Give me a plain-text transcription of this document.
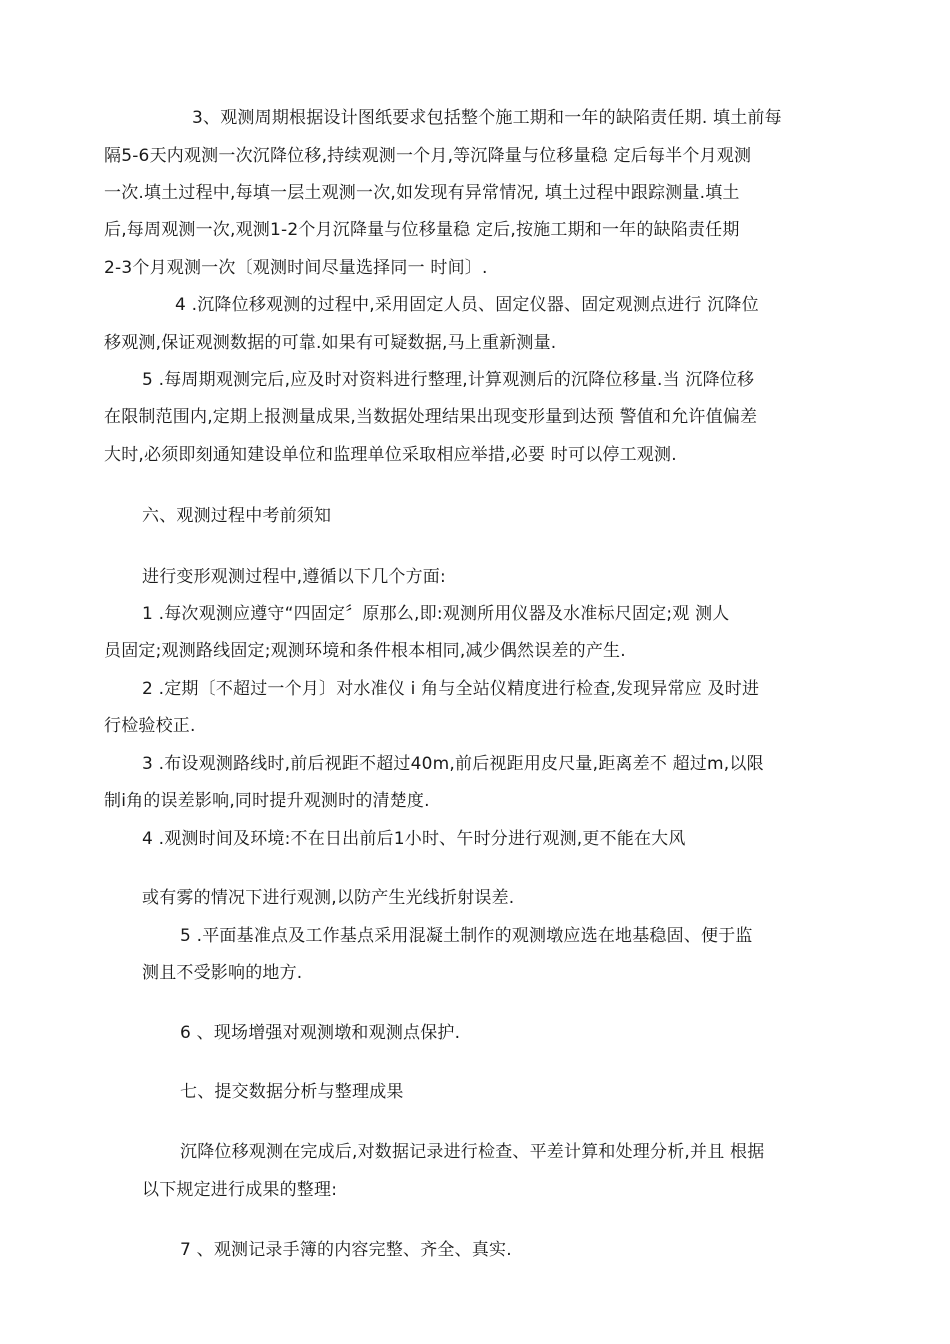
3、观测周期根据设计图纸要求包括整个施工期和一年的缺陷责任期. 填土前每
隔5-6天内观测一次沉降位移,持续观测一个月,等沉降量与位移量稳 定后每半个月观测
一次.填土过程中,每填一层土观测一次,如发现有异常情况, 填土过程中跟踪测量.填土
后,每周观测一次,观测1-2个月沉降量与位移量稳 定后,按施工期和一年的缺陷责任期
2-3个月观测一次〔观测时间尽量选择同一 时间〕.
4 .沉降位移观测的过程中,采用固定人员、固定仪器、固定观测点进行 沉降位
移观测,保证观测数据的可靠.如果有可疑数据,马上重新测量.
5 .每周期观测完后,应及时对资料进行整理,计算观测后的沉降位移量.当 沉降位移
在限制范围内,定期上报测量成果,当数据处理结果出现变形量到达预 警值和允许值偏差
大时,必须即刻通知建设单位和监理单位采取相应举措,必要 时可以停工观测.
六、观测过程中考前须知
进行变形观测过程中,遵循以下几个方面:
1 .每次观测应遵守“四固定〞原那么,即:观测所用仪器及水准标尺固定;观 测人
员固定;观测路线固定;观测环境和条件根本相同,减少偶然误差的产生.
2 .定期〔不超过一个月〕对水准仪 i 角与全站仪精度进行检查,发现异常应 及时进
行检验校正.
3 .布设观测路线时,前后视距不超过40m,前后视距用皮尺量,距离差不 超过m,以限
制i角的误差影响,同时提升观测时的清楚度.
4 .观测时间及环境:不在日出前后1小时、午时分进行观测,更不能在大风
或有雾的情况下进行观测,以防产生光线折射误差.
5 .平面基准点及工作基点采用混凝土制作的观测墩应选在地基稳固、便于监
测且不受影响的地方.
6 、现场增强对观测墩和观测点保护.
七、提交数据分析与整理成果
沉降位移观测在完成后,对数据记录进行检查、平差计算和处理分析,并且 根据
以下规定进行成果的整理:
7 、观测记录手簿的内容完整、齐全、真实.
